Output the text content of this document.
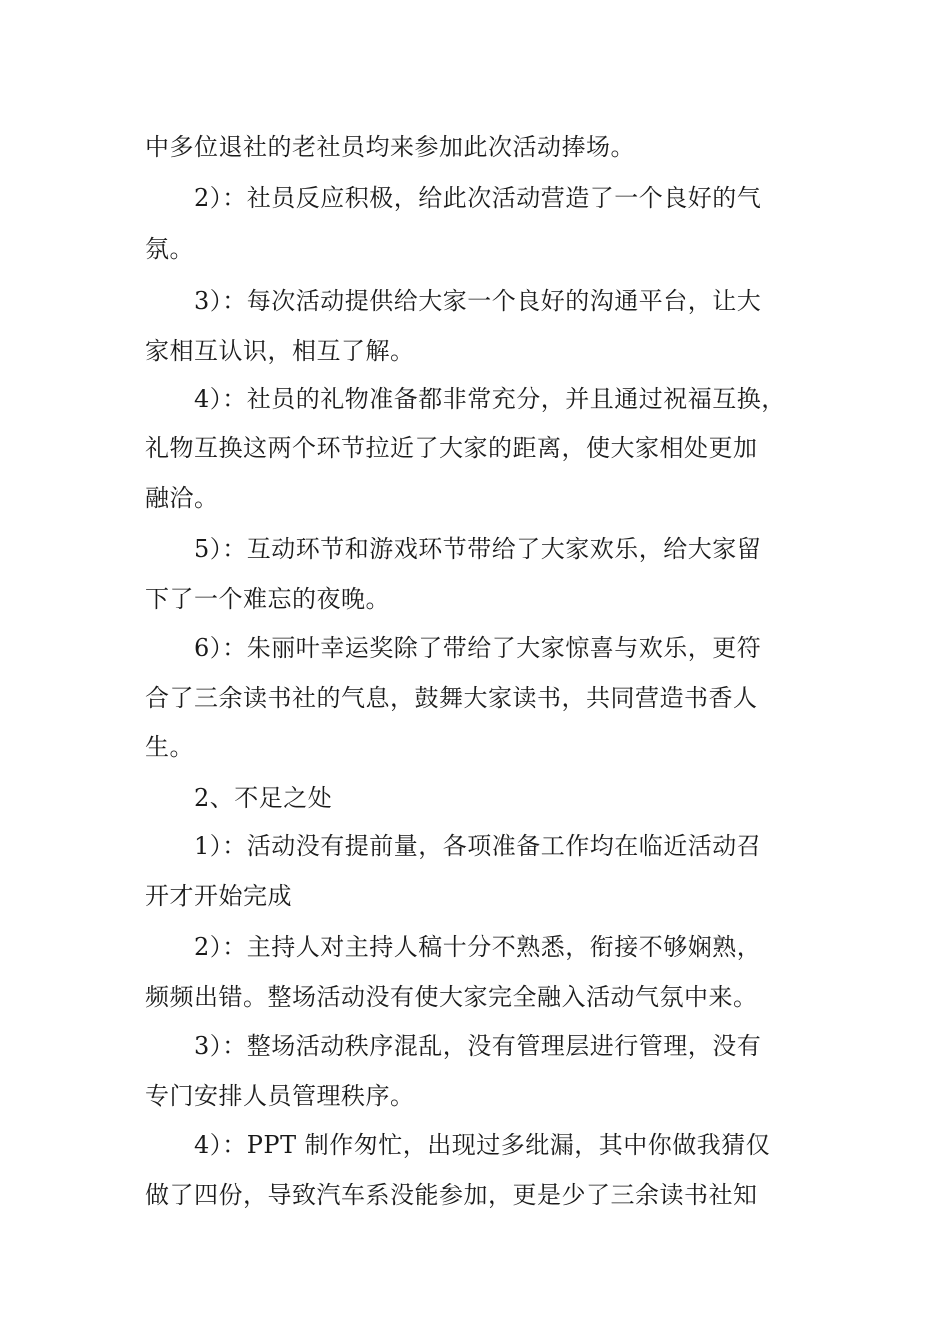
中多位退社的老社员均来参加此次活动捧场。
2）：社员反应积极，给此次活动营造了一个良好的气
氛。
3）：每次活动提供给大家一个良好的沟通平台，让大
家相互认识，相互了解。
4）：社员的礼物准备都非常充分，并且通过祝福互换，
礼物互换这两个环节拉近了大家的距离，使大家相处更加
融洽。
5）：互动环节和游戏环节带给了大家欢乐，给大家留
下了一个难忘的夜晚。
6）：朱丽叶幸运奖除了带给了大家惊喜与欢乐，更符
合了三余读书社的气息，鼓舞大家读书，共同营造书香人
生。
2、不足之处
1）：活动没有提前量，各项准备工作均在临近活动召
开才开始完成
2）：主持人对主持人稿十分不熟悉，衔接不够娴熟，
频频出错。整场活动没有使大家完全融入活动气氛中来。
3）：整场活动秩序混乱，没有管理层进行管理，没有
专门安排人员管理秩序。
4）：PPT 制作匆忙，出现过多纰漏，其中你做我猜仅
做了四份，导致汽车系没能参加，更是少了三余读书社知
